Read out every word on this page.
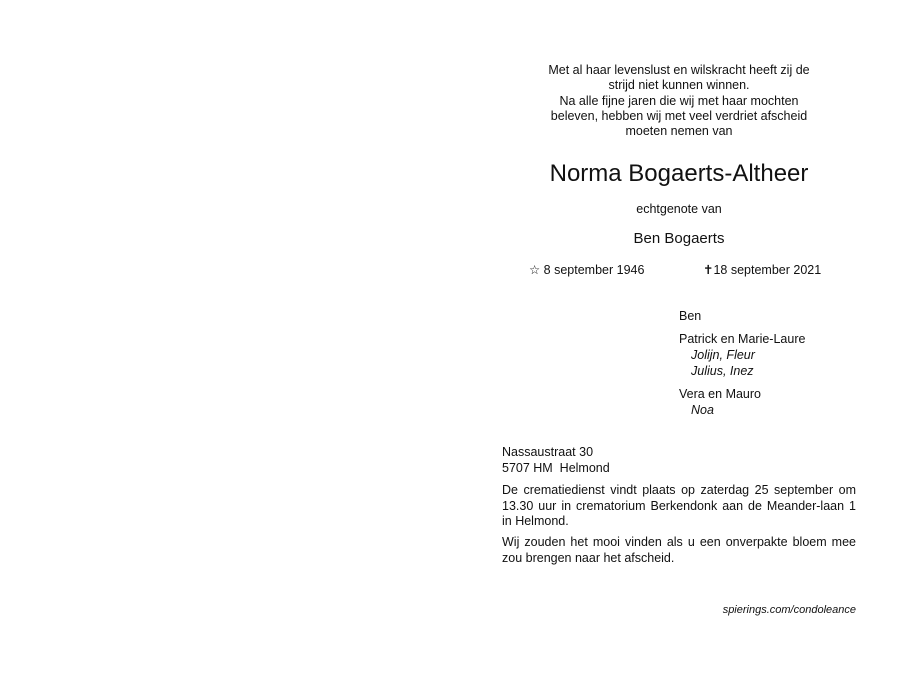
Met al haar levenslust en wilskracht heeft zij de
strijd niet kunnen winnen.
Na alle fijne jaren die wij met haar mochten
beleven, hebben wij met veel verdriet afscheid
moeten nemen van
Norma Bogaerts-Altheer
echtgenote van
Ben Bogaerts
☆ 8 september 1946	✝18 september 2021
Ben
Patrick en Marie-Laure
Jolijn, Fleur
Julius, Inez
Vera en Mauro
Noa
Nassaustraat 30
5707 HM  Helmond
De crematiedienst vindt plaats op zaterdag 25 september om 13.30 uur in crematorium Berkendonk aan de Meander-laan 1 in Helmond.
Wij zouden het mooi vinden als u een onverpakte bloem mee zou brengen naar het afscheid.
spierings.com/condoleance
